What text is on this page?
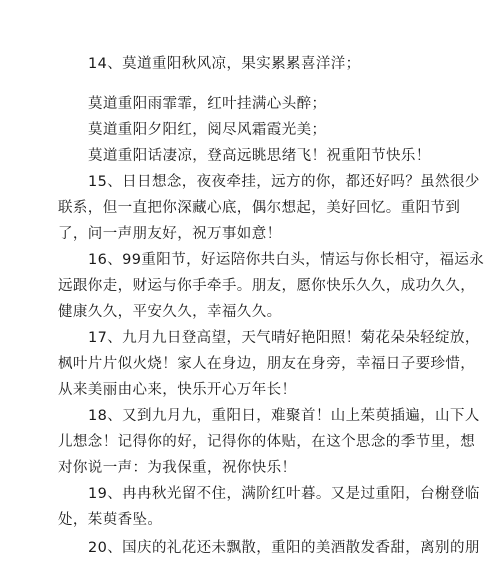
14、莫道重阳秋风凉，果实累累喜洋洋；
莫道重阳雨霏霏，红叶挂满心头醉；
莫道重阳夕阳红，阅尽风霜霞光美；
莫道重阳话凄凉，登高远眺思绪飞！祝重阳节快乐！
15、日日想念，夜夜牵挂，远方的你，都还好吗？虽然很少
联系，但一直把你深藏心底，偶尔想起，美好回忆。重阳节到
了，问一声朋友好，祝万事如意！
16、99重阳节，好运陪你共白头，情运与你长相守，福运永
远跟你走，财运与你手牵手。朋友，愿你快乐久久，成功久久，
健康久久，平安久久，幸福久久。
17、九月九日登高望，天气晴好艳阳照！菊花朵朵轻绽放，
枫叶片片似火烧！家人在身边，朋友在身旁，幸福日子要珍惜，
从来美丽由心来，快乐开心万年长！
18、又到九月九，重阳日，难聚首！山上茱萸插遍，山下人
儿想念！记得你的好，记得你的体贴，在这个思念的季节里，想
对你说一声：为我保重，祝你快乐！
19、冉冉秋光留不住，满阶红叶暮。又是过重阳，台榭登临
处，茱萸香坠。
20、国庆的礼花还未飘散，重阳的美酒散发香甜，离别的朋
